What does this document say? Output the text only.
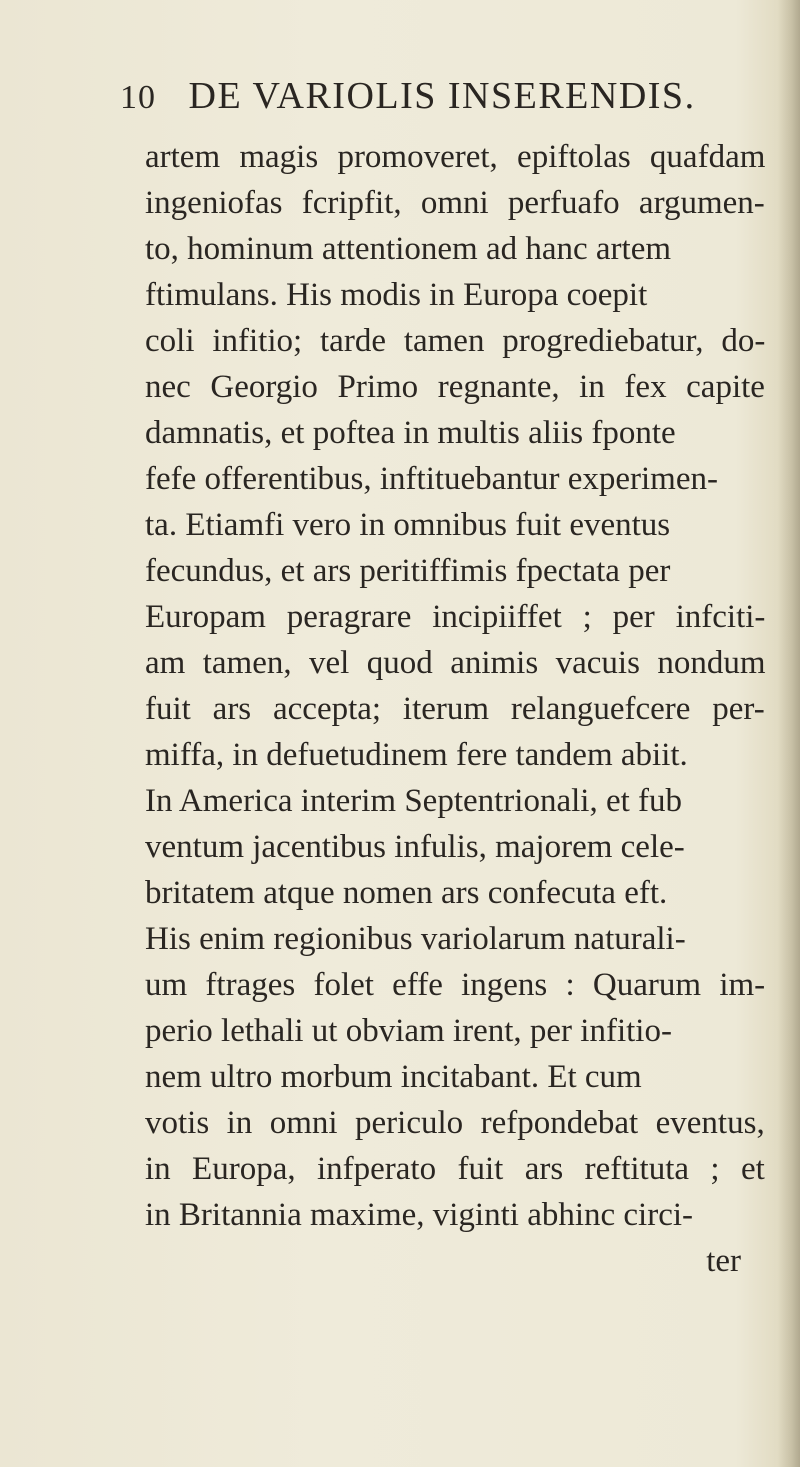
10 DE VARIOLIS INSERENDIS.
artem magis promoveret, epiftolas quafdam
ingeniofas fcripfit, omni perfuafo argumen-
to, hominum attentionem ad hanc artem
ftimulans. His modis in Europa coepit
coli infitio; tarde tamen progrediebatur, do-
nec Georgio Primo regnante, in fex capite
damnatis, et poftea in multis aliis fponte
fefe offerentibus, inftituebantur experimen-
ta. Etiamfi vero in omnibus fuit eventus
fecundus, et ars peritiffimis fpectata per
Europam peragrare incipiiffet ; per infciti-
am tamen, vel quod animis vacuis nondum
fuit ars accepta; iterum relanguefcere per-
miffa, in defuetudinem fere tandem abiit.
In America interim Septentrionali, et fub
ventum jacentibus infulis, majorem cele-
britatem atque nomen ars confecuta eft.
His enim regionibus variolarum naturali-
um ftrages folet effe ingens : Quarum im-
perio lethali ut obviam irent, per infitio-
nem ultro morbum incitabant. Et cum
votis in omni periculo refpondebat eventus,
in Europa, infperato fuit ars reftituta ; et
in Britannia maxime, viginti abhinc circi-
ter
